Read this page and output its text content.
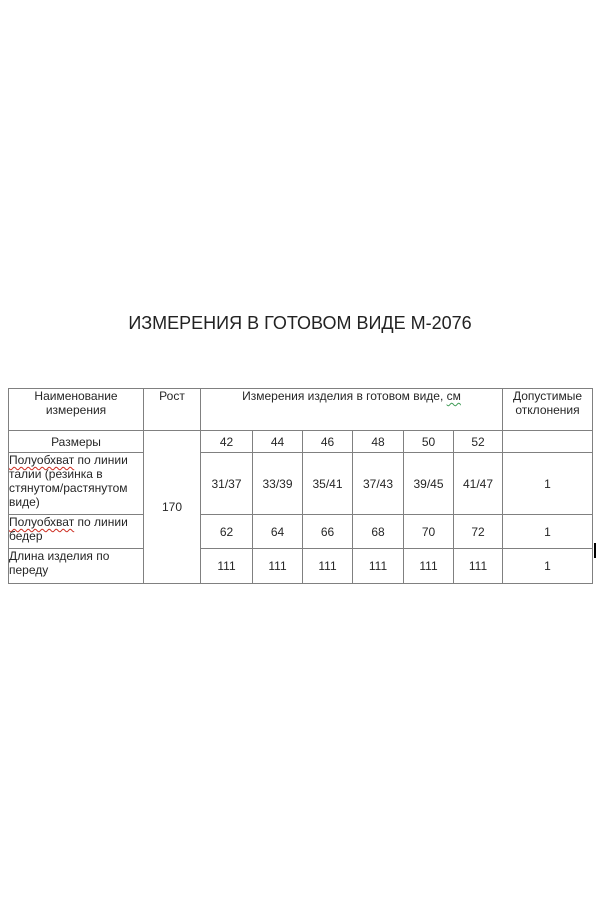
ИЗМЕРЕНИЯ В ГОТОВОМ ВИДЕ М-2076
Наименование измерения	Рост	Измерения изделия в готовом виде, см						Допустимые отклонения
Размеры	170	42	44	46	48	50	52	
Полуобхват по линии талии (резинка в стянутом/растянутом виде)		31/37	33/39	35/41	37/43	39/45	41/47	1
Полуобхват по линии бедер		62	64	66	68	70	72	1
Длина изделия по переду		111	111	111	111	111	111	1
